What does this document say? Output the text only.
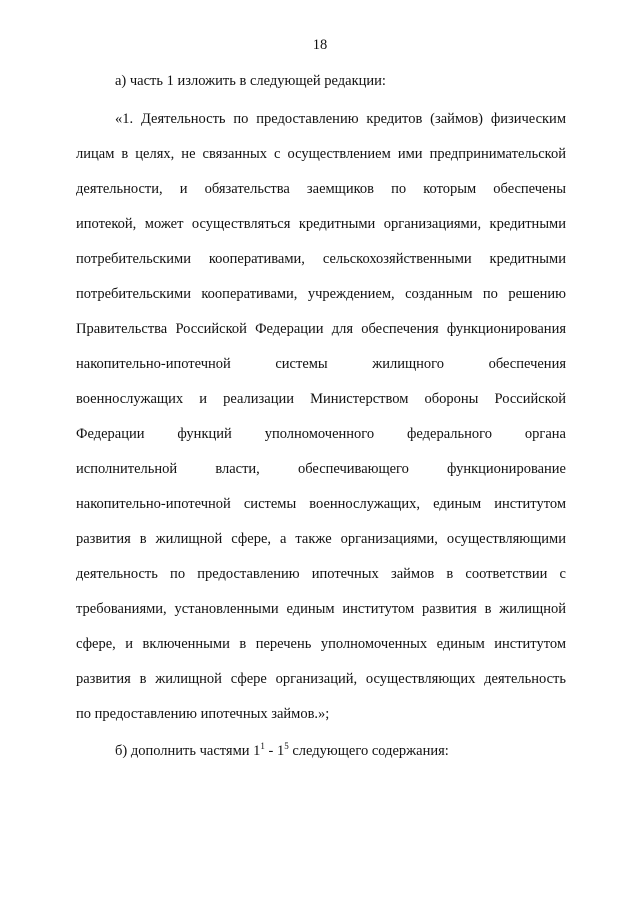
18
а) часть 1 изложить в следующей редакции:
«1. Деятельность по предоставлению кредитов (займов) физическим
лицам в целях, не связанных с осуществлением ими предпринимательской
деятельности, и обязательства заемщиков по которым обеспечены
ипотекой, может осуществляться кредитными организациями, кредитными
потребительскими кооперативами, сельскохозяйственными кредитными
потребительскими кооперативами, учреждением, созданным по решению
Правительства Российской Федерации для обеспечения функционирования
накопительно-ипотечной системы жилищного обеспечения
военнослужащих и реализации Министерством обороны Российской
Федерации функций уполномоченного федерального органа
исполнительной власти, обеспечивающего функционирование
накопительно-ипотечной системы военнослужащих, единым институтом
развития в жилищной сфере, а также организациями, осуществляющими
деятельность по предоставлению ипотечных займов в соответствии с
требованиями, установленными единым институтом развития в жилищной
сфере, и включенными в перечень уполномоченных единым институтом
развития в жилищной сфере организаций, осуществляющих деятельность
по предоставлению ипотечных займов.»;
б) дополнить частями $1^1 - 1^5$ следующего содержания:
